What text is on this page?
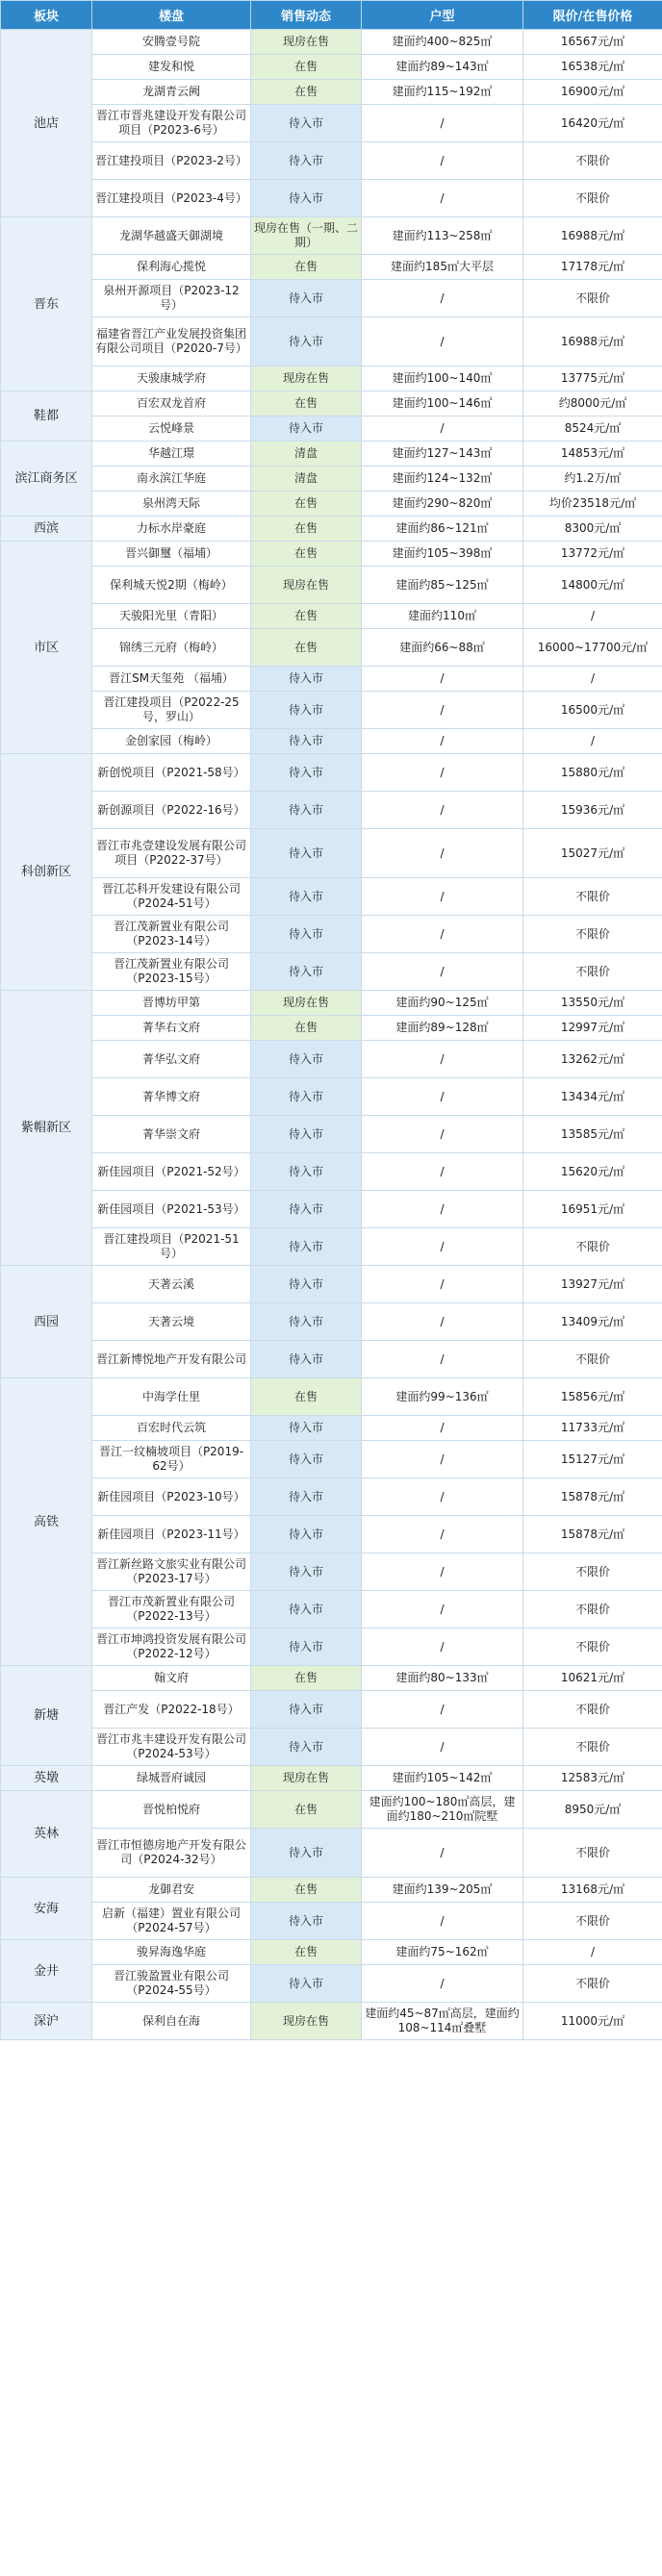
板块	楼盘	销售动态	户型	限价/在售价格
池店	安腾壹号院	现房在售	建面约400~825㎡	16567元/㎡
	建发和悦	在售	建面约89~143㎡	16538元/㎡
	龙湖青云阙	在售	建面约115~192㎡	16900元/㎡
	晋江市晋兆建设开发有限公司项目（P2023-6号）	待入市	/	16420元/㎡
	晋江建投项目（P2023-2号）	待入市	/	不限价
	晋江建投项目（P2023-4号）	待入市	/	不限价
晋东	龙湖华越盛天御湖境	现房在售（一期、二期）	建面约113~258㎡	16988元/㎡
	保利海心揽悦	在售	建面约185㎡大平层	17178元/㎡
	泉州开源项目（P2023-12号）	待入市	/	不限价
	福建省晋江产业发展投资集团有限公司项目（P2020-7号）	待入市	/	16988元/㎡
	天骏康城学府	现房在售	建面约100~140㎡	13775元/㎡
鞋都	百宏双龙首府	在售	建面约100~146㎡	约8000元/㎡
	云悦峰景	待入市	/	8524元/㎡
滨江商务区	华越江璟	清盘	建面约127~143㎡	14853元/㎡
	南永滨江华庭	清盘	建面约124~132㎡	约1.2万/㎡
	泉州湾天际	在售	建面约290~820㎡	均价23518元/㎡
西滨	力标水岸豪庭	在售	建面约86~121㎡	8300元/㎡
市区	晋兴御璽（福埔）	在售	建面约105~398㎡	13772元/㎡
	保利城天悦2期（梅岭）	现房在售	建面约85~125㎡	14800元/㎡
	天骏阳光里（青阳）	在售	建面约110㎡	/
	锦绣三元府（梅岭）	在售	建面约66~88㎡	16000~17700元/㎡
	晋江SM天玺苑 （福埔）	待入市	/	/
	晋江建投项目（P2022-25号，罗山）	待入市	/	16500元/㎡
	金创家园（梅岭）	待入市	/	/
科创新区	新创悦项目（P2021-58号）	待入市	/	15880元/㎡
	新创源项目（P2022-16号）	待入市	/	15936元/㎡
	晋江市兆壹建设发展有限公司项目（P2022-37号）	待入市	/	15027元/㎡
	晋江芯科开发建设有限公司（P2024-51号）	待入市	/	不限价
	晋江茂新置业有限公司（P2023-14号）	待入市	/	不限价
	晋江茂新置业有限公司（P2023-15号）	待入市	/	不限价
紫帽新区	晋博坊甲第	现房在售	建面约90~125㎡	13550元/㎡
	菁华右文府	在售	建面约89~128㎡	12997元/㎡
	菁华弘文府	待入市	/	13262元/㎡
	菁华博文府	待入市	/	13434元/㎡
	菁华崇文府	待入市	/	13585元/㎡
	新佳园项目（P2021-52号）	待入市	/	15620元/㎡
	新佳园项目（P2021-53号）	待入市	/	16951元/㎡
	晋江建投项目（P2021-51号）	待入市	/	不限价
西园	天著云溪	待入市	/	13927元/㎡
	天著云境	待入市	/	13409元/㎡
	晋江新博悦地产开发有限公司	待入市	/	不限价
高铁	中海学仕里	在售	建面约99~136㎡	15856元/㎡
	百宏时代云筑	待入市	/	11733元/㎡
	晋江一纹楠坡项目（P2019-62号）	待入市	/	15127元/㎡
	新佳园项目（P2023-10号）	待入市	/	15878元/㎡
	新佳园项目（P2023-11号）	待入市	/	15878元/㎡
	晋江新丝路文旅实业有限公司（P2023-17号）	待入市	/	不限价
	晋江市茂新置业有限公司（P2022-13号）	待入市	/	不限价
	晋江市坤鸿投资发展有限公司（P2022-12号）	待入市	/	不限价
新塘	翰文府	在售	建面约80~133㎡	10621元/㎡
	晋江产发（P2022-18号）	待入市	/	不限价
	晋江市兆丰建设开发有限公司（P2024-53号）	待入市	/	不限价
英墩	绿城晋府诚园	现房在售	建面约105~142㎡	12583元/㎡
英林	晋悦柏悦府	在售	建面约100~180㎡高层，建面约180~210㎡院墅	8950元/㎡
	晋江市恒德房地产开发有限公司（P2024-32号）	待入市	/	不限价
安海	龙御君安	在售	建面约139~205㎡	13168元/㎡
	启新（福建）置业有限公司（P2024-57号）	待入市	/	不限价
金井	骏昇海逸华庭	在售	建面约75~162㎡	/
	晋江骏盈置业有限公司（P2024-55号）	待入市	/	不限价
深沪	保利自在海	现房在售	建面约45~87㎡高层，建面约108~114㎡叠墅	11000元/㎡
